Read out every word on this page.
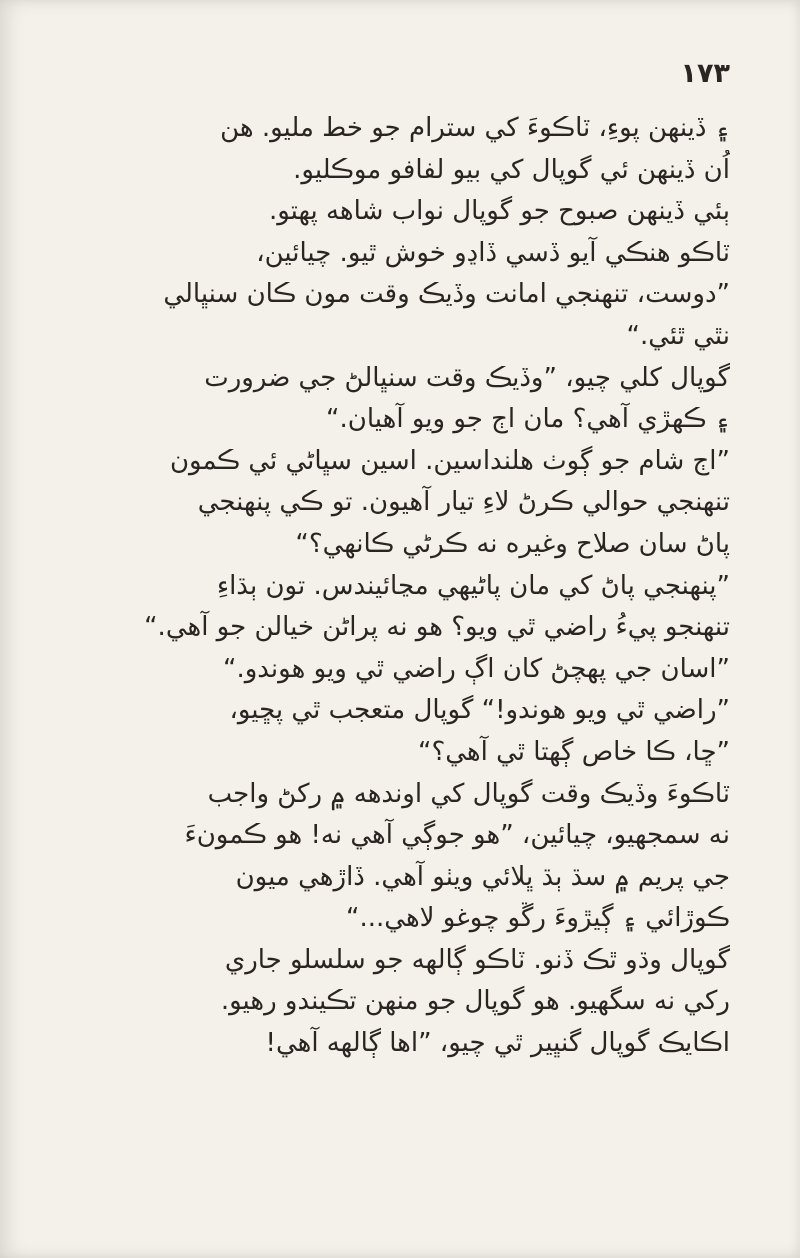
١٧٣
۽ ڏينهن پوءِ، ٽاڪوءَ کي سترام جو خط مليو. هن
اُن ڏينهن ئي گوپال کي بيو لفافو موڪليو.
ٻئي ڏينهن صبوح جو گوپال نواب شاهه پهتو.
ٽاڪو هنڪي آيو ڏسي ڏاڍو خوش ٿيو. چيائين،
”دوست، تنهنجي امانت وڏيڪ وقت مون ڪان سنڀالي
نٿي ٿئي.“
گوپال کلي چيو، ”وڏيڪ وقت سنڀالڻ جي ضرورت
۽ ڪهڙي آهي؟ مان اڄ جو ويو آهيان.“
”اڄ شام جو ڳوٺ هلنداسين. اسين سڀاڻي ئي ڪمون
تنهنجي حوالي ڪرڻ لاءِ تيار آهيون. تو ڪي پنهنجي
پاڻ سان صلاح وغيره نه ڪرڻي ڪانهي؟“
”پنهنجي پاڻ کي مان پاڻيهي مڃائيندس. تون ٻڌاءِ
تنهنجو پيءُ راضي ٿي ويو؟ هو نه پراڻن خيالن جو آهي.“
”اسان جي پهچڻ کان اڳ راضي ٿي ويو هوندو.“
”راضي ٿي ويو هوندو!“ گوپال متعجب ٿي پڇيو،
”ڇا، ڪا خاص ڳهتا ٿي آهي؟“
ٽاڪوءَ وڏيڪ وقت گوپال کي اوندهه ۾ رکڻ واجب
نه سمجهيو، چيائين، ”هو جوڳي آهي نه! هو ڪمونءَ
جي پريم ۾ سڌ ٻڌ ڀلائي ويٺو آهي. ڏاڙهي ميون
ڪوڙائي ۽ ڳيڙوءَ رڱو چوغو لاهي...“
گوپال وڌو ٿڪ ڏنو. ٽاڪو ڳالهه جو سلسلو جاري
رکي نه سگهيو. هو گوپال جو منهن تڪيندو رهيو.
اڪايڪ گوپال گنڀير ٿي چيو، ”اها ڳالهه آهي!
